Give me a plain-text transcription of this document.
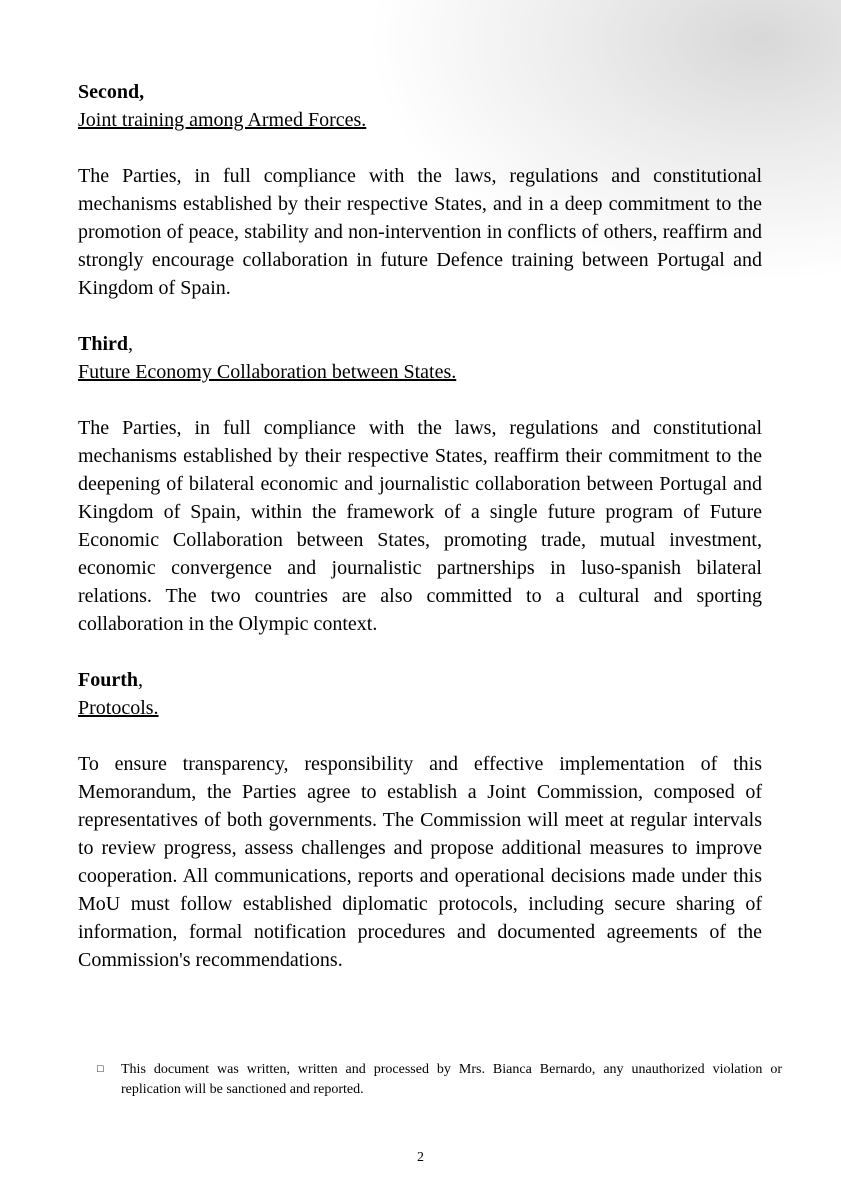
Second,

Joint training among Armed Forces.

The Parties, in full compliance with the laws, regulations and constitutional mechanisms established by their respective States, and in a deep commitment to the promotion of peace, stability and non-intervention in conflicts of others, reaffirm and strongly encourage collaboration in future Defence training between Portugal and Kingdom of Spain.

Third,

Future Economy Collaboration between States.

The Parties, in full compliance with the laws, regulations and constitutional mechanisms established by their respective States, reaffirm their commitment to the deepening of bilateral economic and journalistic collaboration between Portugal and Kingdom of Spain, within the framework of a single future program of Future Economic Collaboration between States, promoting trade, mutual investment, economic convergence and journalistic partnerships in luso-spanish bilateral relations. The two countries are also committed to a cultural and sporting collaboration in the Olympic context.

Fourth,

Protocols.

To ensure transparency, responsibility and effective implementation of this Memorandum, the Parties agree to establish a Joint Commission, composed of representatives of both governments. The Commission will meet at regular intervals to review progress, assess challenges and propose additional measures to improve cooperation. All communications, reports and operational decisions made under this MoU must follow established diplomatic protocols, including secure sharing of information, formal notification procedures and documented agreements of the Commission's recommendations.

□	This document was written, written and processed by Mrs. Bianca Bernardo, any unauthorized violation or replication will be sanctioned and reported.
2
